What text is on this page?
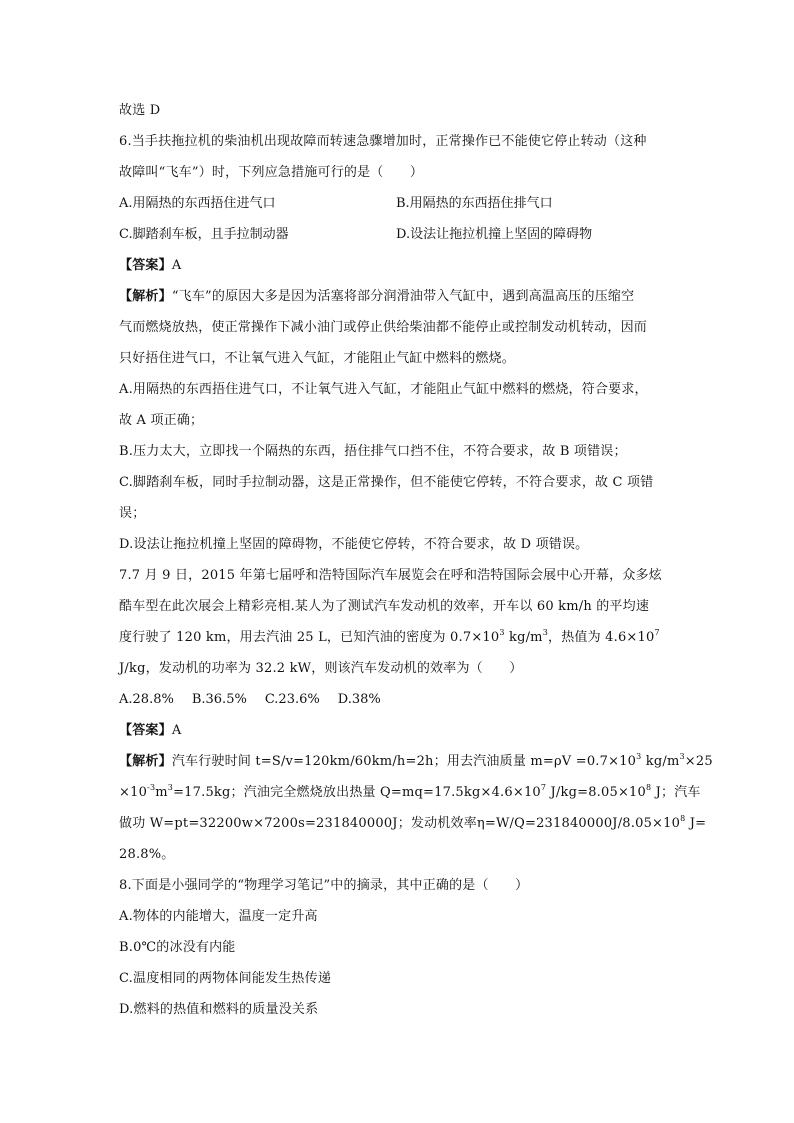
故选 D
6.当手扶拖拉机的柴油机出现故障而转速急骤增加时，正常操作已不能使它停止转动（这种
故障叫“飞车”）时，下列应急措施可行的是（　　）
A.用隔热的东西捂住进气口	B.用隔热的东西捂住排气口
C.脚踏刹车板，且手拉制动器	D.设法让拖拉机撞上坚固的障碍物
【答案】A
【解析】“飞车”的原因大多是因为活塞将部分润滑油带入气缸中，遇到高温高压的压缩空
气而燃烧放热，使正常操作下减小油门或停止供给柴油都不能停止或控制发动机转动，因而
只好捂住进气口，不让氧气进入气缸，才能阻止气缸中燃料的燃烧。
A.用隔热的东西捂住进气口，不让氧气进入气缸，才能阻止气缸中燃料的燃烧，符合要求，
故 A 项正确；
B.压力太大，立即找一个隔热的东西，捂住排气口挡不住，不符合要求，故 B 项错误；
C.脚踏刹车板，同时手拉制动器，这是正常操作，但不能使它停转，不符合要求，故 C 项错
误；
D.设法让拖拉机撞上坚固的障碍物，不能使它停转，不符合要求，故 D 项错误。
7.7 月 9 日，2015 年第七届呼和浩特国际汽车展览会在呼和浩特国际会展中心开幕，众多炫
酷车型在此次展会上精彩亮相.某人为了测试汽车发动机的效率，开车以 60 km/h 的平均速
度行驶了 120 km，用去汽油 25 L，已知汽油的密度为 $0.7\times 10^3$ $kg/m^3$，热值为 $4.6\times 10^7$
J/kg，发动机的功率为 32.2 kW，则该汽车发动机的效率为（　　）
A.28.8% B.36.5% C.23.6% D.38%
【答案】A
【解析】汽车行驶时间 t=S/v=120km/60km/h=2h；用去汽油质量 $m=\rho V =0.7\times 10^3$ $kg/m^3\times 25$
$\times 10^{-3}m^3=17.5kg$；汽油完全燃烧放出热量 $Q=mq=17.5kg\times 4.6\times 10^7$ $J/kg=8.05\times 10^8$ J；汽车
做功 W=pt=32200w×7200s=231840000J；发动机效率$\eta=W/Q=231840000J/8.05\times 10^8$ J=
28.8%。
8.下面是小强同学的“物理学习笔记”中的摘录，其中正确的是（　　）
A.物体的内能增大，温度一定升高
B.0℃的冰没有内能
C.温度相同的两物体间能发生热传递
D.燃料的热值和燃料的质量没关系
